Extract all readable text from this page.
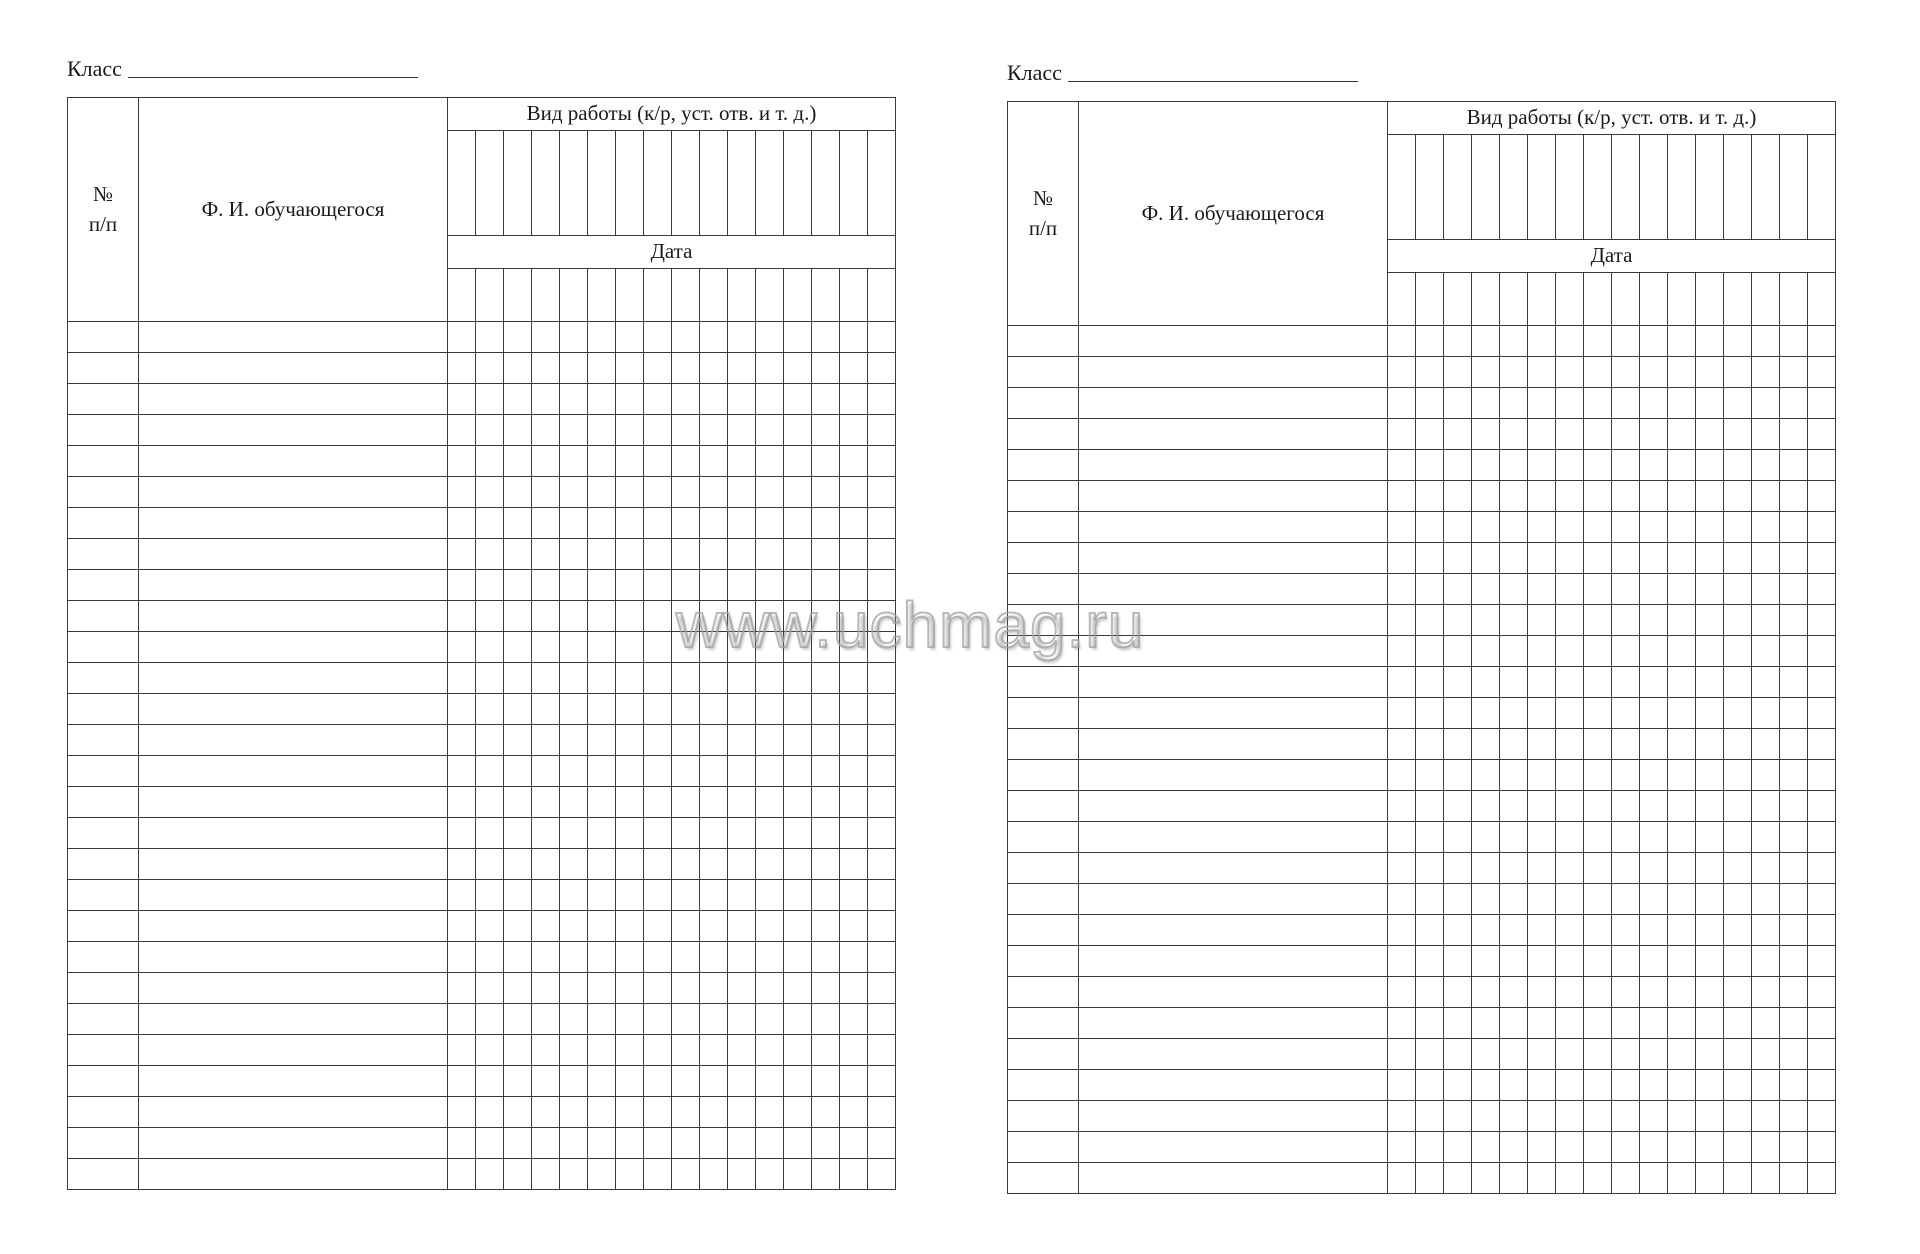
Класс
№ п/п	Ф. И. обучающегося	Вид работы (к/р, уст. отв. и т. д.)															

		Дата															

Класс
№ п/п	Ф. И. обучающегося	Вид работы (к/р, уст. отв. и т. д.)															

		Дата															

www.uchmag.ru
